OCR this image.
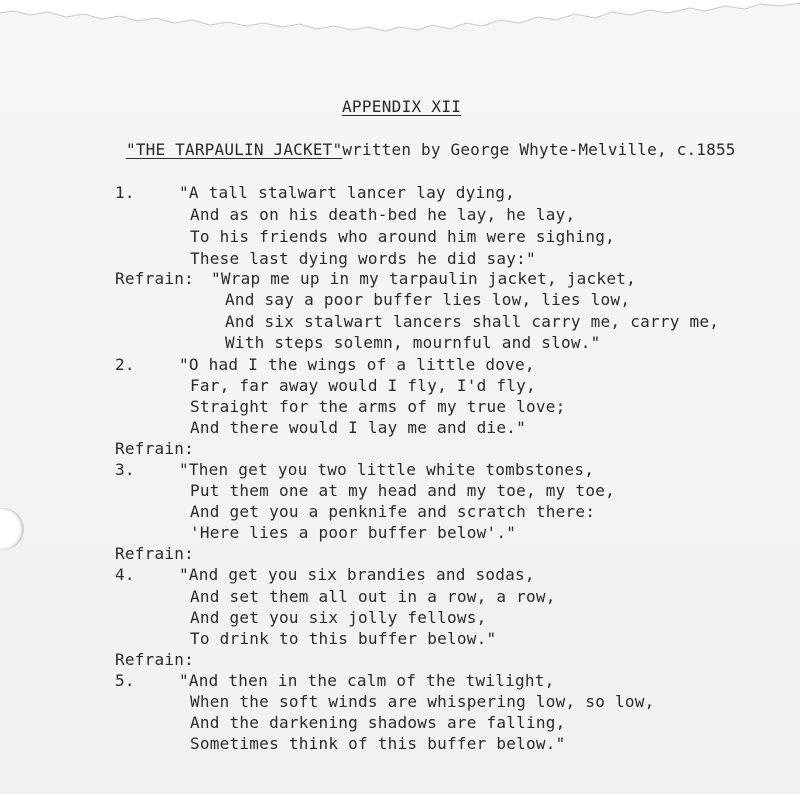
APPENDIX XII
"THE TARPAULIN JACKET"written by George Whyte-Melville, c.1855
1.	"A tall stalwart lancer lay dying,
And as on his death-bed he lay, he lay,
To his friends who around him were sighing,
These last dying words he did say:"
Refrain: "Wrap me up in my tarpaulin jacket, jacket,
And say a poor buffer lies low, lies low,
And six stalwart lancers shall carry me, carry me,
With steps solemn, mournful and slow."
2.	"O had I the wings of a little dove,
Far, far away would I fly, I'd fly,
Straight for the arms of my true love;
And there would I lay me and die."
Refrain:
3.	"Then get you two little white tombstones,
Put them one at my head and my toe, my toe,
And get you a penknife and scratch there:
'Here lies a poor buffer below'."
Refrain:
4.	"And get you six brandies and sodas,
And set them all out in a row, a row,
And get you six jolly fellows,
To drink to this buffer below."
Refrain:
5.	"And then in the calm of the twilight,
When the soft winds are whispering low, so low,
And the darkening shadows are falling,
Sometimes think of this buffer below."
